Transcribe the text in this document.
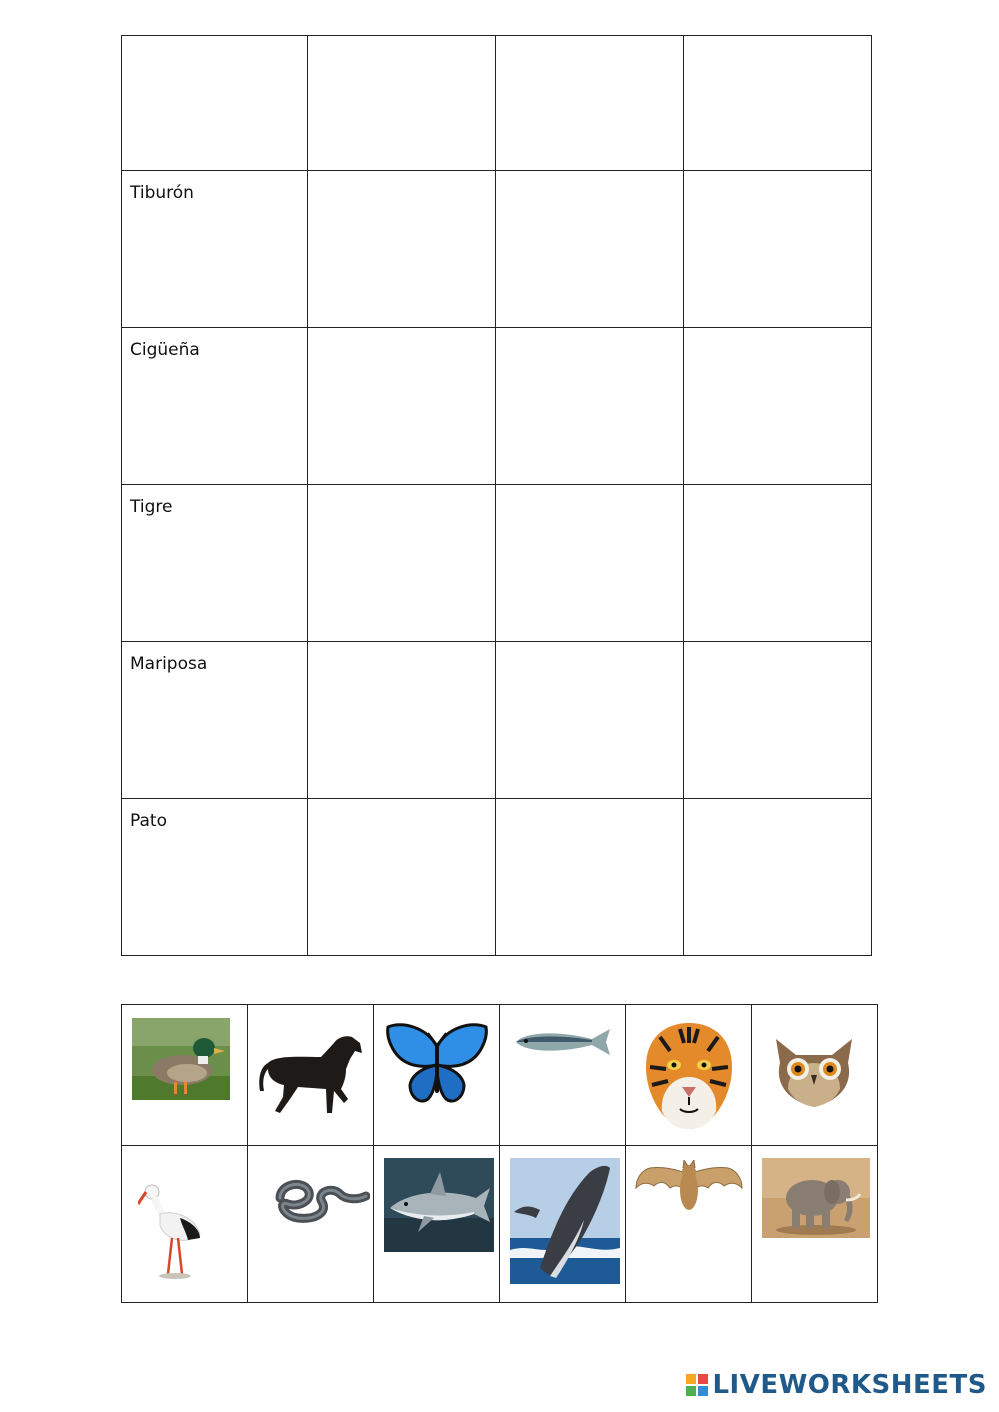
Tiburón			

Cigüeña			

Tigre			

Mariposa			

Pato			

LIVEWORKSHEETS
